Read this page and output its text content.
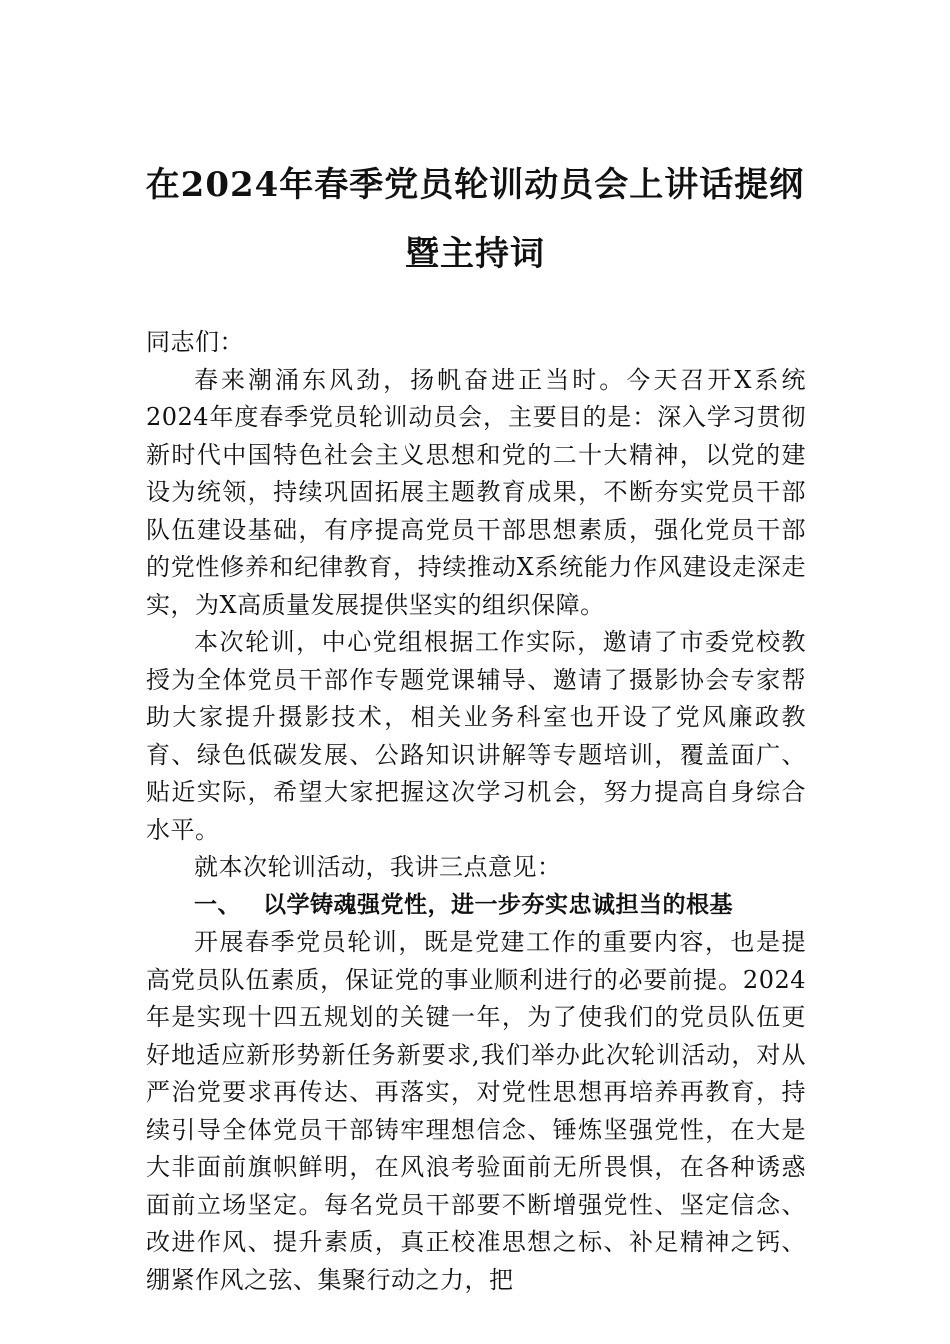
在2024年春季党员轮训动员会上讲话提纲
暨主持词

同志们：

春来潮涌东风劲，扬帆奋进正当时。今天召开X系统2024年度春季党员轮训动员会，主要目的是：深入学习贯彻新时代中国特色社会主义思想和党的二十大精神，以党的建设为统领，持续巩固拓展主题教育成果，不断夯实党员干部队伍建设基础，有序提高党员干部思想素质，强化党员干部的党性修养和纪律教育，持续推动X系统能力作风建设走深走实，为X高质量发展提供坚实的组织保障。

本次轮训，中心党组根据工作实际，邀请了市委党校教授为全体党员干部作专题党课辅导、邀请了摄影协会专家帮助大家提升摄影技术，相关业务科室也开设了党风廉政教育、绿色低碳发展、公路知识讲解等专题培训，覆盖面广、贴近实际，希望大家把握这次学习机会，努力提高自身综合水平。

就本次轮训活动，我讲三点意见：

一、 以学铸魂强党性，进一步夯实忠诚担当的根基

开展春季党员轮训，既是党建工作的重要内容，也是提高党员队伍素质，保证党的事业顺利进行的必要前提。2024年是实现十四五规划的关键一年，为了使我们的党员队伍更好地适应新形势新任务新要求,我们举办此次轮训活动，对从严治党要求再传达、再落实，对党性思想再培养再教育，持续引导全体党员干部铸牢理想信念、锤炼坚强党性，在大是大非面前旗帜鲜明，在风浪考验面前无所畏惧，在各种诱惑面前立场坚定。每名党员干部要不断增强党性、坚定信念、改进作风、提升素质，真正校准思想之标、补足精神之钙、绷紧作风之弦、集聚行动之力，把
